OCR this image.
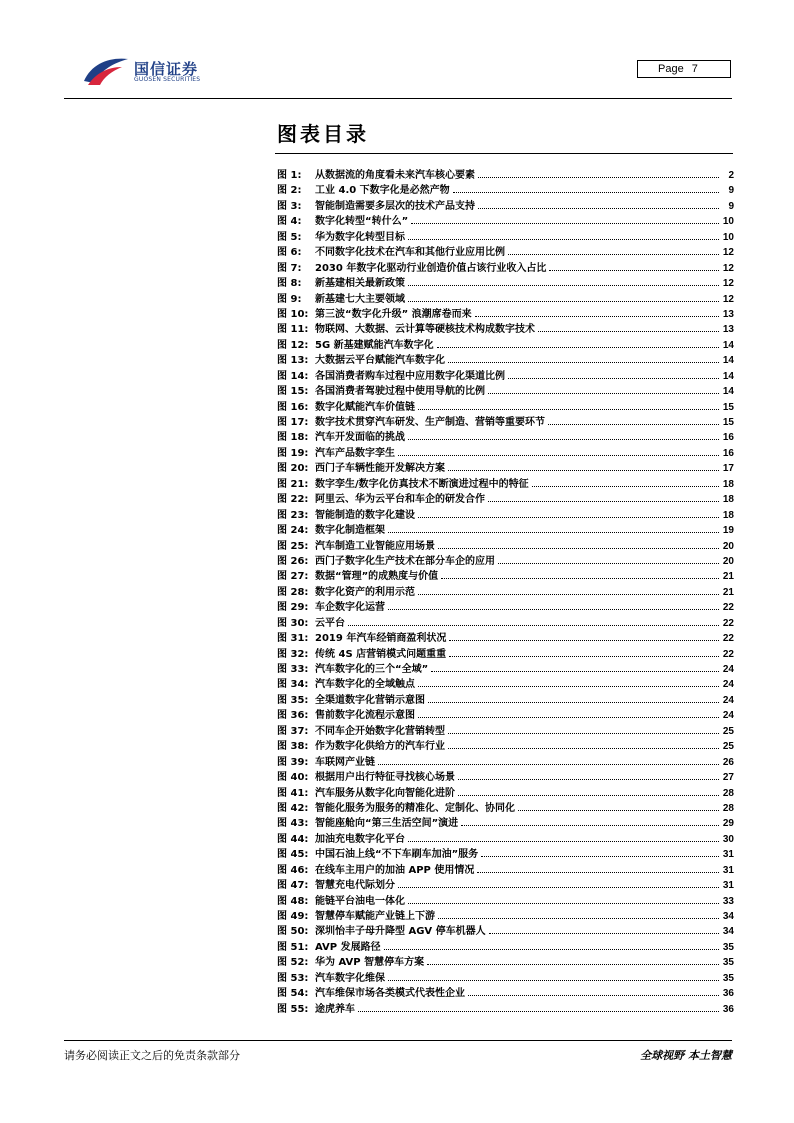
国信证券
GUOSEN SECURITIES
Page 7
图表目录
图 1:	从数据流的角度看未来汽车核心要素	2
图 2:	工业 4.0 下数字化是必然产物	9
图 3:	智能制造需要多层次的技术产品支持	9
图 4:	数字化转型“转什么”	10
图 5:	华为数字化转型目标	10
图 6:	不同数字化技术在汽车和其他行业应用比例	12
图 7:	2030 年数字化驱动行业创造价值占该行业收入占比	12
图 8:	新基建相关最新政策	12
图 9:	新基建七大主要领域	12
图 10: 第三波“数字化升级” 浪潮席卷而来	13
图 11: 物联网、大数据、云计算等硬核技术构成数字技术	13
图 12: 5G 新基建赋能汽车数字化	14
图 13: 大数据云平台赋能汽车数字化	14
图 14: 各国消费者购车过程中应用数字化渠道比例	14
图 15: 各国消费者驾驶过程中使用导航的比例	14
图 16: 数字化赋能汽车价值链	15
图 17: 数字技术贯穿汽车研发、生产制造、营销等重要环节	15
图 18: 汽车开发面临的挑战	16
图 19: 汽车产品数字孪生	16
图 20: 西门子车辆性能开发解决方案	17
图 21: 数字孪生/数字化仿真技术不断演进过程中的特征	18
图 22: 阿里云、华为云平台和车企的研发合作	18
图 23: 智能制造的数字化建设	18
图 24: 数字化制造框架	19
图 25: 汽车制造工业智能应用场景	20
图 26: 西门子数字化生产技术在部分车企的应用	20
图 27: 数据“管理”的成熟度与价值	21
图 28: 数字化资产的利用示范	21
图 29: 车企数字化运营	22
图 30: 云平台	22
图 31: 2019 年汽车经销商盈利状况	22
图 32: 传统 4S 店营销模式问题重重	22
图 33: 汽车数字化的三个“全域”	24
图 34: 汽车数字化的全域触点	24
图 35: 全渠道数字化营销示意图	24
图 36: 售前数字化流程示意图	24
图 37: 不同车企开始数字化营销转型	25
图 38: 作为数字化供给方的汽车行业	25
图 39: 车联网产业链	26
图 40: 根据用户出行特征寻找核心场景	27
图 41: 汽车服务从数字化向智能化进阶	28
图 42: 智能化服务为服务的精准化、定制化、协同化	28
图 43: 智能座舱向“第三生活空间”演进	29
图 44: 加油充电数字化平台	30
图 45: 中国石油上线“不下车刷车加油”服务	31
图 46: 在线车主用户的加油 APP 使用情况	31
图 47: 智慧充电代际划分	31
图 48: 能链平台油电一体化	33
图 49: 智慧停车赋能产业链上下游	34
图 50: 深圳怡丰子母升降型 AGV 停车机器人	34
图 51: AVP 发展路径	35
图 52: 华为 AVP 智慧停车方案	35
图 53: 汽车数字化维保	35
图 54: 汽车维保市场各类模式代表性企业	36
图 55: 途虎养车	36
请务必阅读正文之后的免责条款部分	全球视野 本土智慧
